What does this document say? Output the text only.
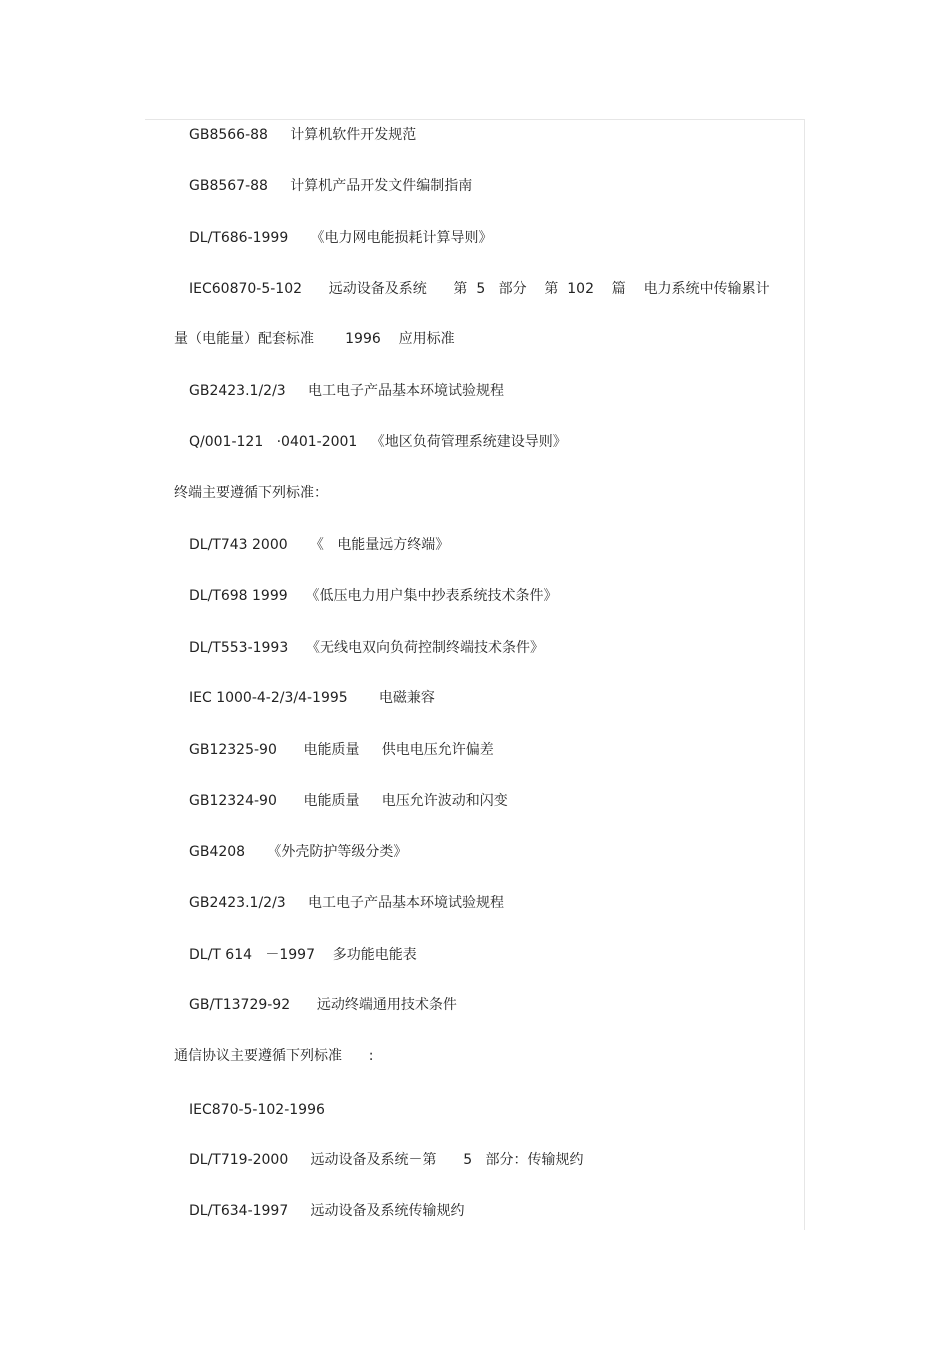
GB8566-88     计算机软件开发规范
GB8567-88     计算机产品开发文件编制指南
DL/T686-1999     《电力网电能损耗计算导则》
IEC60870-5-102      远动设备及系统      第  5   部分    第  102    篇    电力系统中传输累计
量（电能量）配套标准       1996    应用标准
GB2423.1/2/3     电工电子产品基本环境试验规程
Q/001-121   ·0401-2001   《地区负荷管理系统建设导则》
终端主要遵循下列标准：
DL/T743 2000     《   电能量远方终端》
DL/T698 1999    《低压电力用户集中抄表系统技术条件》
DL/T553-1993    《无线电双向负荷控制终端技术条件》
IEC 1000-4-2/3/4-1995       电磁兼容
GB12325-90      电能质量     供电电压允许偏差
GB12324-90      电能质量     电压允许波动和闪变
GB4208     《外壳防护等级分类》
GB2423.1/2/3     电工电子产品基本环境试验规程
DL/T 614   －1997    多功能电能表
GB/T13729-92      远动终端通用技术条件
通信协议主要遵循下列标准      :
IEC870-5-102-1996
DL/T719-2000     远动设备及系统－第      5   部分：传输规约
DL/T634-1997     远动设备及系统传输规约
